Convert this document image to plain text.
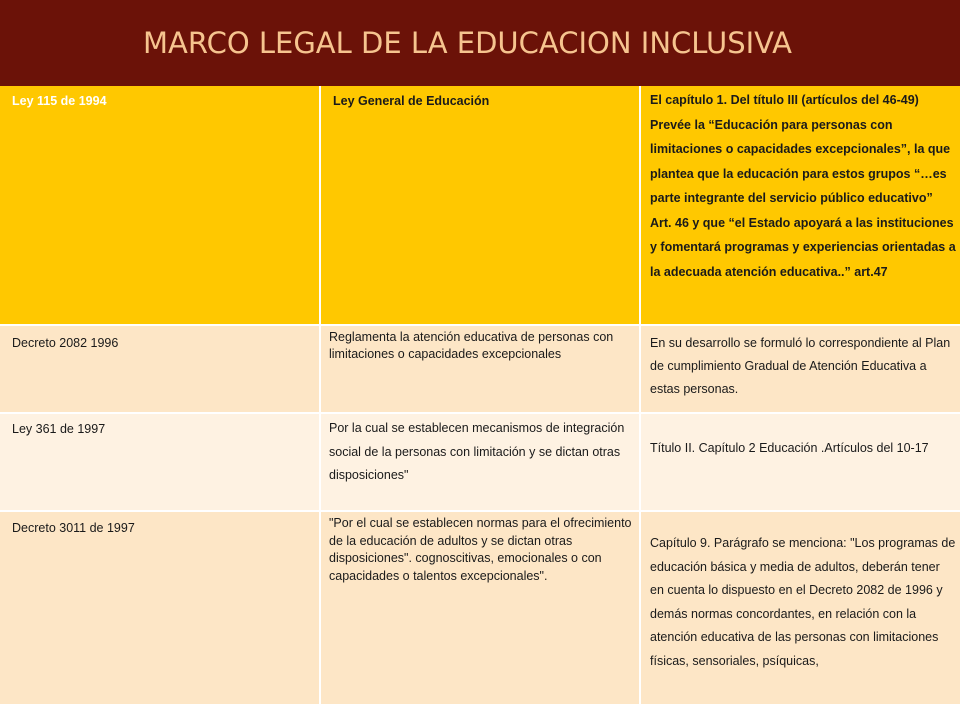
MARCO LEGAL DE LA EDUCACION INCLUSIVA
Ley 115 de 1994	Ley General de Educación	El capítulo 1. Del título III (artículos del 46-49) Prevée la “Educación para personas con limitaciones o capacidades excepcionales”, la que plantea que la educación para estos grupos “…es parte integrante del servicio público educativo” Art. 46 y que “el Estado apoyará a las instituciones y fomentará programas y experiencias orientadas a la adecuada atención educativa..” art.47

Decreto 2082 1996	Reglamenta la atención educativa de personas con limitaciones o capacidades excepcionales	En su desarrollo se formuló lo correspondiente al Plan de cumplimiento Gradual de Atención Educativa a estas personas.

Ley 361 de 1997	Por la cual se establecen mecanismos de integración social de la personas con limitación y se dictan otras disposiciones"	Título II. Capítulo 2 Educación .Artículos del 10-17

Decreto 3011 de 1997	"Por el cual se establecen normas para el ofrecimiento de la educación de adultos y se dictan otras disposiciones". cognoscitivas, emocionales o con capacidades o talentos excepcionales".	Capítulo 9. Parágrafo se menciona: "Los programas de educación básica y media de adultos, deberán tener en cuenta lo dispuesto en el Decreto 2082 de 1996 y demás normas concordantes, en relación con la atención educativa de las personas con limitaciones físicas, sensoriales, psíquicas,
